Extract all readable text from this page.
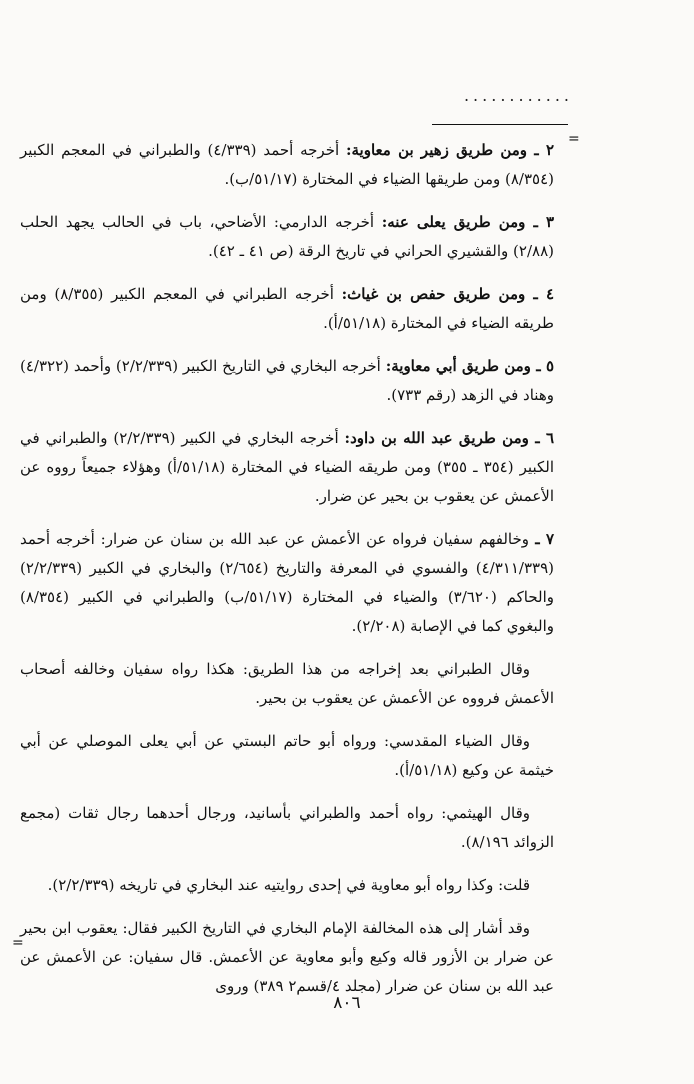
............
=

٢ ـ ومن طريق زهير بن معاوية: أخرجه أحمد (٤/٣٣٩) والطبراني في المعجم الكبير (٨/٣٥٤) ومن طريقها الضياء في المختارة (٥١/١٧/ب).

٣ ـ ومن طريق يعلى عنه: أخرجه الدارمي: الأضاحي، باب في الحالب يجهد الحلب (٢/٨٨) والقشيري الحراني في تاريخ الرقة (ص ٤١ ـ ٤٢).

٤ ـ ومن طريق حفص بن غياث: أخرجه الطبراني في المعجم الكبير (٨/٣٥٥) ومن طريقه الضياء في المختارة (٥١/١٨/أ).

٥ ـ ومن طريق أبي معاوية: أخرجه البخاري في التاريخ الكبير (٢/٢/٣٣٩) وأحمد (٤/٣٢٢) وهناد في الزهد (رقم ٧٣٣).

٦ ـ ومن طريق عبد الله بن داود: أخرجه البخاري في الكبير (٢/٢/٣٣٩) والطبراني في الكبير (٣٥٤ ـ ٣٥٥) ومن طريقه الضياء في المختارة (٥١/١٨/أ) وهؤلاء جميعاً رووه عن الأعمش عن يعقوب بن بحير عن ضرار.

٧ ـ وخالفهم سفيان فرواه عن الأعمش عن عبد الله بن سنان عن ضرار: أخرجه أحمد (٤/٣١١/٣٣٩) والفسوي في المعرفة والتاريخ (٢/٦٥٤) والبخاري في الكبير (٢/٢/٣٣٩) والحاكم (٣/٦٢٠) والضياء في المختارة (٥١/١٧/ب) والطبراني في الكبير (٨/٣٥٤) والبغوي كما في الإصابة (٢/٢٠٨).

وقال الطبراني بعد إخراجه من هذا الطريق: هكذا رواه سفيان وخالفه أصحاب الأعمش فرووه عن الأعمش عن يعقوب بن بحير.

وقال الضياء المقدسي: ورواه أبو حاتم البستي عن أبي يعلى الموصلي عن أبي خيثمة عن وكيع (٥١/١٨/أ).

وقال الهيثمي: رواه أحمد والطبراني بأسانيد، ورجال أحدهما رجال ثقات (مجمع الزوائد ٨/١٩٦).

قلت: وكذا رواه أبو معاوية في إحدى روايتيه عند البخاري في تاريخه (٢/٢/٣٣٩).

وقد أشار إلى هذه المخالفة الإمام البخاري في التاريخ الكبير فقال: يعقوب ابن بحير عن ضرار بن الأزور قاله وكيع وأبو معاوية عن الأعمش. قال سفيان: عن الأعمش عن عبد الله بن سنان عن ضرار (مجلد ٤/قسم٢ ٣٨٩) وروى

=
٨٠٦
